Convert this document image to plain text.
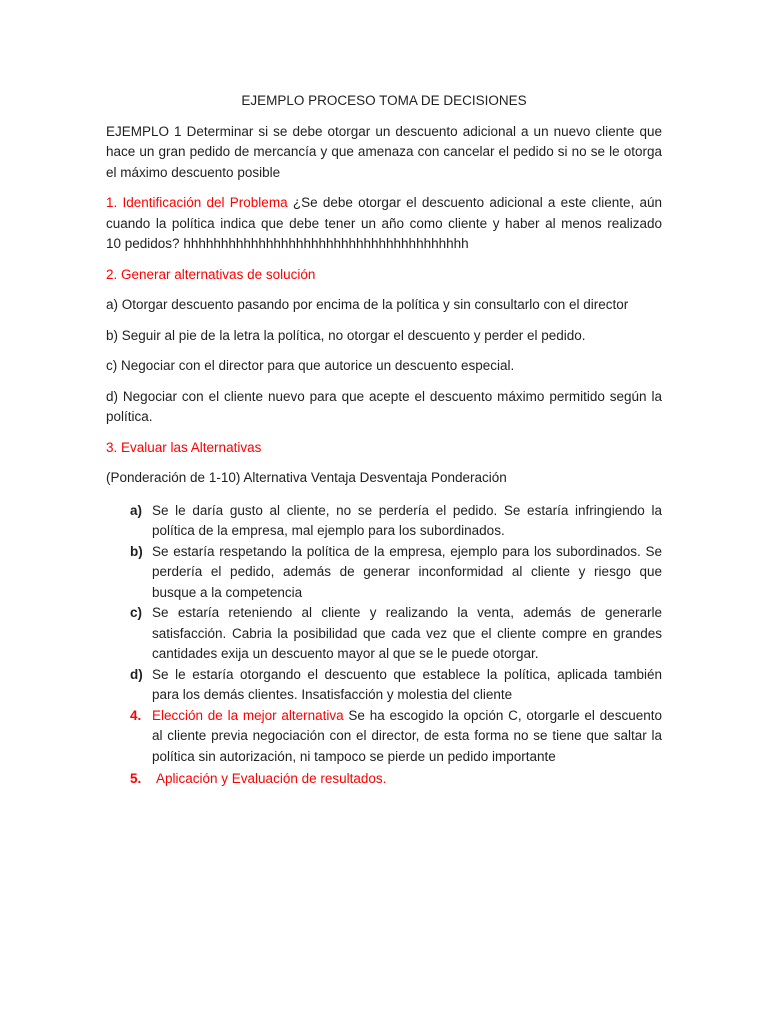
EJEMPLO PROCESO TOMA DE DECISIONES
EJEMPLO 1 Determinar si se debe otorgar un descuento adicional a un nuevo cliente que
hace un gran pedido de mercancía y que amenaza con cancelar el pedido si no se le otorga
el máximo descuento posible
1. Identificación del Problema ¿Se debe otorgar el descuento adicional a este cliente, aún
cuando la política indica que debe tener un año como cliente y haber al menos realizado
10 pedidos? hhhhhhhhhhhhhhhhhhhhhhhhhhhhhhhhhhhhhh
2. Generar alternativas de solución
a) Otorgar descuento pasando por encima de la política y sin consultarlo con el director
b) Seguir al pie de la letra la política, no otorgar el descuento y perder el pedido.
c) Negociar con el director para que autorice un descuento especial.
d) Negociar con el cliente nuevo para que acepte el descuento máximo permitido según la
política.
3. Evaluar las Alternativas
(Ponderación de 1-10) Alternativa Ventaja Desventaja Ponderación
a) Se le daría gusto al cliente, no se perdería el pedido. Se estaría infringiendo la
política de la empresa, mal ejemplo para los subordinados.
b) Se estaría respetando la política de la empresa, ejemplo para los subordinados. Se
perdería el pedido, además de generar inconformidad al cliente y riesgo que
busque a la competencia
c) Se estaría reteniendo al cliente y realizando la venta, además de generarle
satisfacción. Cabria la posibilidad que cada vez que el cliente compre en grandes
cantidades exija un descuento mayor al que se le puede otorgar.
d) Se le estaría otorgando el descuento que establece la política, aplicada también
para los demás clientes. Insatisfacción y molestia del cliente
4. Elección de la mejor alternativa Se ha escogido la opción C, otorgarle el descuento
al cliente previa negociación con el director, de esta forma no se tiene que saltar la
política sin autorización, ni tampoco se pierde un pedido importante
5.	Aplicación y Evaluación de resultados.
